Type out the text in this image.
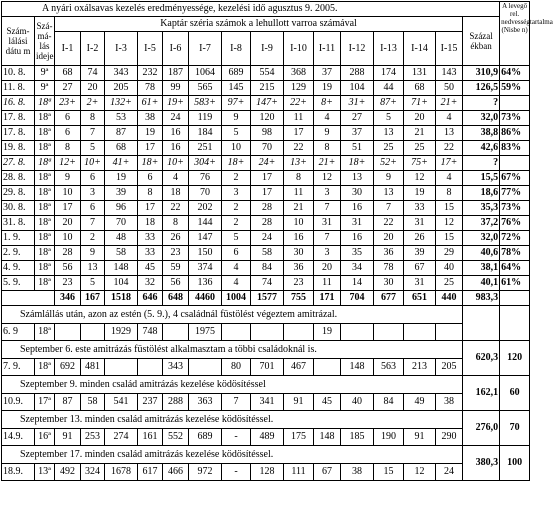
A nyári oxálsavas kezelés eredményessége, kezelési idő agusztus 9. 2005.																	A levegő rel. nedvességtartalma (Nisbe n)
Szám-lálási dátu m	Szá-má-lás ideje	Kaptár széria számok a lehullott varroa számával														Százal ékban	
		I-1	I-2	I-3	I-5	I-6	I-7	I-8	I-9	I-10	I-11	I-12	I-13	I-14	I-15		
10. 8.	9ª	68	74	343	232	187	1064	689	554	368	37	288	174	131	143	310,9	64%
11. 8.	9ª	27	20	205	78	99	565	145	215	129	19	104	44	68	50	126,5	59%
16. 8.	18ª	23+	2+	132+	61+	19+	583+	97+	147+	22+	8+	31+	87+	71+	21+	?	
17. 8.	18ª	6	8	53	38	24	119	9	120	11	4	27	5	20	4	32,0	73%
17. 8.	18ª	6	7	87	19	16	184	5	98	17	9	37	13	21	13	38,8	86%
19. 8.	18ª	8	5	68	17	16	251	10	70	22	8	51	25	25	22	42,6	83%
27. 8.	18ª	12+	10+	41+	18+	10+	304+	18+	24+	13+	21+	18+	52+	75+	17+	?	
28. 8.	18ª	9	6	19	6	4	76	2	17	8	12	13	9	12	4	15,5	67%
29. 8.	18ª	10	3	39	8	18	70	3	17	11	3	30	13	19	8	18,6	77%
30. 8.	18ª	17	6	96	17	22	202	2	28	21	7	16	7	33	15	35,3	73%
31. 8.	18ª	20	7	70	18	8	144	2	28	10	31	31	22	31	12	37,2	76%
1. 9.	18ª	10	2	48	33	26	147	5	24	16	7	16	20	26	15	32,0	72%
2. 9.	18ª	28	9	58	33	23	150	6	58	30	3	35	36	39	29	40,6	78%
4. 9.	18ª	56	13	148	45	59	374	4	84	36	20	34	78	67	40	38,1	64%
5. 9.	18ª	23	5	104	32	56	136	4	74	23	11	14	30	31	25	40,1	61%
		346	167	1518	646	648	4460	1004	1577	755	171	704	677	651	440	983,3	
Számlállás után, azon az estén (5. 9.), 4 családnál füstölést végeztem amitrázal.																	
6. 9	18ª			1929	748		1975				19						
September 6. este amitrázás füstölést alkalmasztam a többi családoknál is.																620,3	120
7. 9.	18ª	692	481			343		80	701	467		148	563	213	205		
Szeptember 9. minden család amitrázás kezelése ködösítéssel																162,1	60
10.9.	17ª	87	58	541	237	288	363	7	341	91	45	40	84	49	38		
Szeptember 13. minden család amitrázás kezelése ködösítéssel.																276,0	70
14.9.	16ª	91	253	274	161	552	689	-	489	175	148	185	190	91	290		
Szeptember 17. minden család amitrázás kezelése ködösítéssel.																380,3	100
18.9.	13ª	492	324	1678	617	466	972	-	128	111	67	38	15	12	24		
